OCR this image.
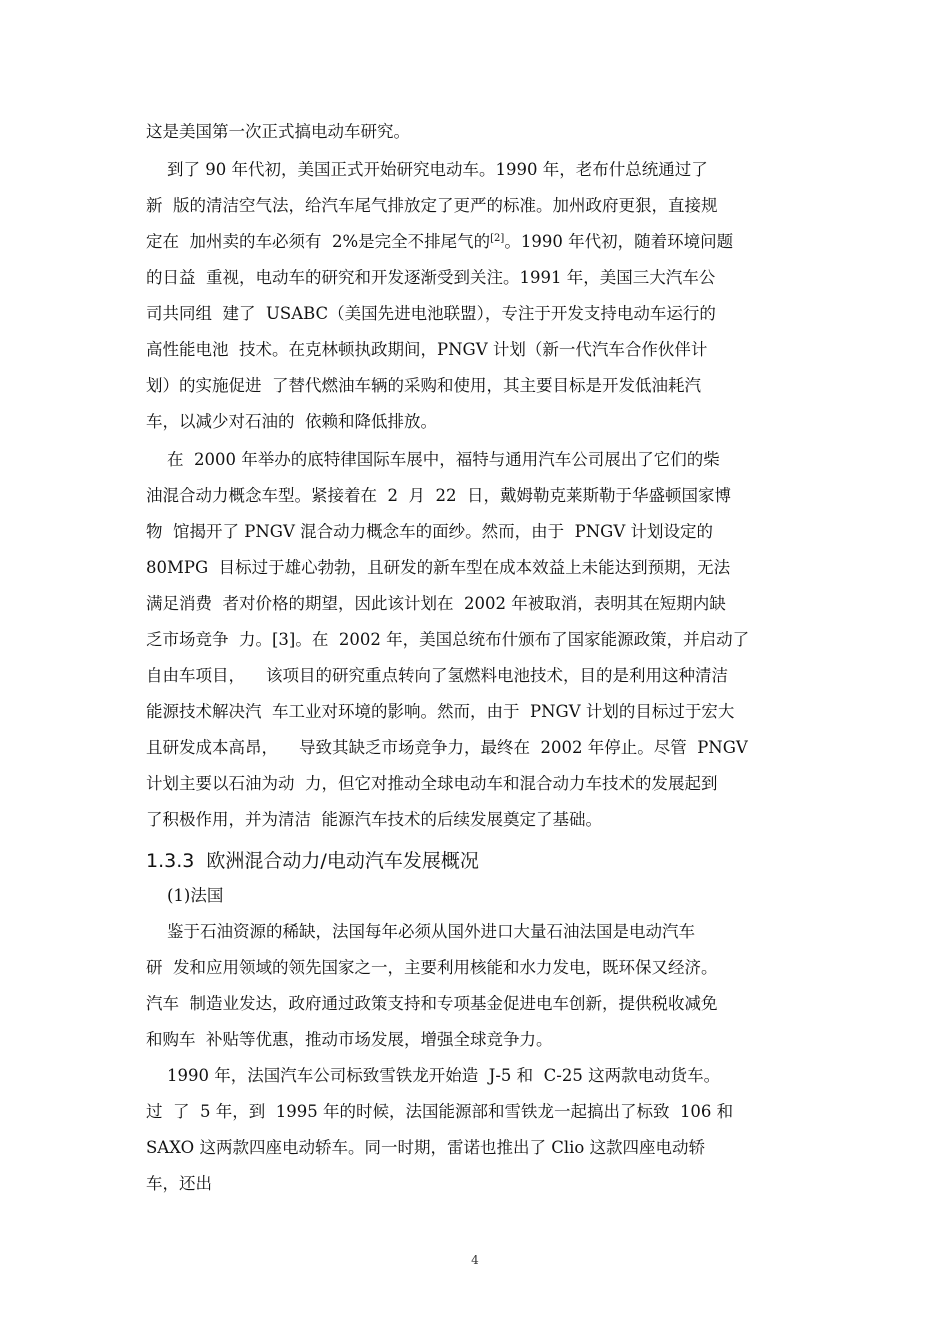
这是美国第一次正式搞电动车研究。
到了 90 年代初，美国正式开始研究电动车。1990 年，老布什总统通过了
新  版的清洁空气法，给汽车尾气排放定了更严的标准。加州政府更狠，直接规
定在  加州卖的车必须有  2%是完全不排尾气的[2]。1990 年代初，随着环境问题
的日益  重视，电动车的研究和开发逐渐受到关注。1991 年，美国三大汽车公
司共同组  建了  USABC（美国先进电池联盟），专注于开发支持电动车运行的
高性能电池  技术。在克林顿执政期间，PNGV 计划（新一代汽车合作伙伴计
划）的实施促进  了替代燃油车辆的采购和使用，其主要目标是开发低油耗汽
车，以减少对石油的  依赖和降低排放。
在  2000 年举办的底特律国际车展中，福特与通用汽车公司展出了它们的柴
油混合动力概念车型。紧接着在  2  月  22  日，戴姆勒克莱斯勒于华盛顿国家博
物  馆揭开了 PNGV 混合动力概念车的面纱。然而，由于  PNGV 计划设定的
80MPG  目标过于雄心勃勃，且研发的新车型在成本效益上未能达到预期，无法
满足消费  者对价格的期望，因此该计划在  2002 年被取消，表明其在短期内缺
乏市场竞争  力。[3]。在  2002 年，美国总统布什颁布了国家能源政策，并启动了
自由车项目，    该项目的研究重点转向了氢燃料电池技术，目的是利用这种清洁
能源技术解决汽  车工业对环境的影响。然而，由于  PNGV 计划的目标过于宏大
且研发成本高昂，    导致其缺乏市场竞争力，最终在  2002 年停止。尽管  PNGV
计划主要以石油为动  力，但它对推动全球电动车和混合动力车技术的发展起到
了积极作用，并为清洁  能源汽车技术的后续发展奠定了基础。
1.3.3  欧洲混合动力/电动汽车发展概况
(1)法国
鉴于石油资源的稀缺，法国每年必须从国外进口大量石油法国是电动汽车
研  发和应用领域的领先国家之一，主要利用核能和水力发电，既环保又经济。
汽车  制造业发达，政府通过政策支持和专项基金促进电车创新，提供税收减免
和购车  补贴等优惠，推动市场发展，增强全球竞争力。
1990 年，法国汽车公司标致雪铁龙开始造  J-5 和  C-25 这两款电动货车。
过  了  5 年，到  1995 年的时候，法国能源部和雪铁龙一起搞出了标致  106 和
SAXO 这两款四座电动轿车。同一时期，雷诺也推出了 Clio 这款四座电动轿
车，还出
4
